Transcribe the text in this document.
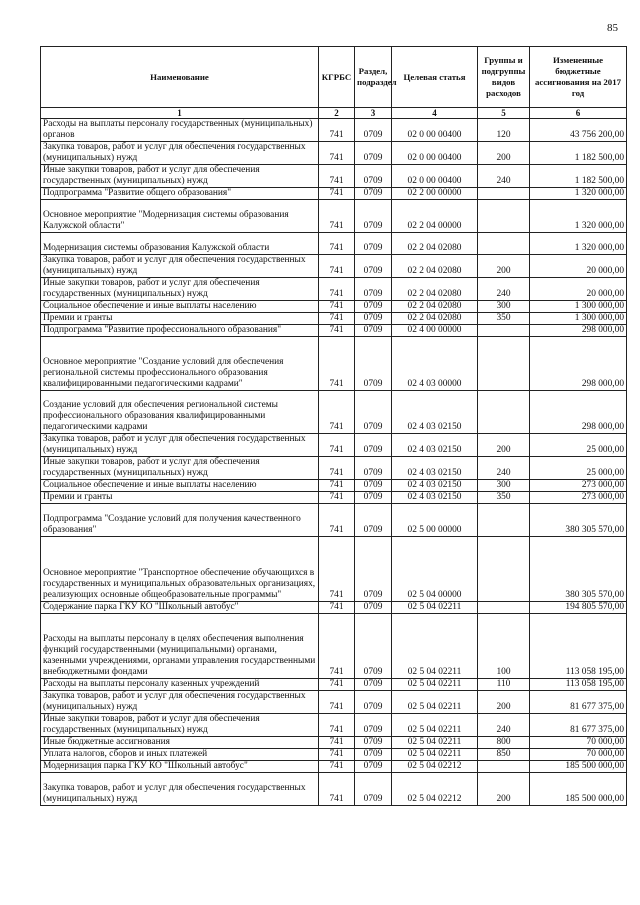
85
Наименование	КГРБС	Раздел, подраздел	Целевая статья	Группы и подгруппы видов расходов	Измененные бюджетные ассигнования на 2017 год
1	2	3	4	5	6
Расходы на выплаты персоналу государственных (муниципальных) органов	741	0709	02 0 00 00400	120	43 756 200,00
Закупка товаров, работ и услуг для обеспечения государственных (муниципальных) нужд	741	0709	02 0 00 00400	200	1 182 500,00
Иные закупки товаров, работ и услуг для обеспечения государственных (муниципальных) нужд	741	0709	02 0 00 00400	240	1 182 500,00
Подпрограмма "Развитие общего образования"	741	0709	02 2 00 00000		1 320 000,00
Основное мероприятие "Модернизация системы образования Калужской области"	741	0709	02 2 04 00000		1 320 000,00
Модернизация системы образования Калужской области	741	0709	02 2 04 02080		1 320 000,00
Закупка товаров, работ и услуг для обеспечения государственных (муниципальных) нужд	741	0709	02 2 04 02080	200	20 000,00
Иные закупки товаров, работ и услуг для обеспечения государственных (муниципальных) нужд	741	0709	02 2 04 02080	240	20 000,00
Социальное обеспечение и иные выплаты населению	741	0709	02 2 04 02080	300	1 300 000,00
Премии и гранты	741	0709	02 2 04 02080	350	1 300 000,00
Подпрограмма "Развитие профессионального образования"	741	0709	02 4 00 00000		298 000,00
Основное мероприятие "Создание условий для обеспечения региональной системы профессионального образования квалифицированными педагогическими кадрами"	741	0709	02 4 03 00000		298 000,00
Создание условий для обеспечения региональной системы профессионального образования квалифицированными педагогическими кадрами	741	0709	02 4 03 02150		298 000,00
Закупка товаров, работ и услуг для обеспечения государственных (муниципальных) нужд	741	0709	02 4 03 02150	200	25 000,00
Иные закупки товаров, работ и услуг для обеспечения государственных (муниципальных) нужд	741	0709	02 4 03 02150	240	25 000,00
Социальное обеспечение и иные выплаты населению	741	0709	02 4 03 02150	300	273 000,00
Премии и гранты	741	0709	02 4 03 02150	350	273 000,00
Подпрограмма "Создание условий для получения качественного образования"	741	0709	02 5 00 00000		380 305 570,00
Основное мероприятие "Транспортное обеспечение обучающихся в государственных и муниципальных образовательных организациях, реализующих основные общеобразовательные программы"	741	0709	02 5 04 00000		380 305 570,00
Содержание парка ГКУ КО "Школьный автобус"	741	0709	02 5 04 02211		194 805 570,00
Расходы на выплаты персоналу в целях обеспечения выполнения функций государственными (муниципальными) органами, казенными учреждениями, органами управления государственными внебюджетными фондами	741	0709	02 5 04 02211	100	113 058 195,00
Расходы на выплаты персоналу казенных учреждений	741	0709	02 5 04 02211	110	113 058 195,00
Закупка товаров, работ и услуг для обеспечения государственных (муниципальных) нужд	741	0709	02 5 04 02211	200	81 677 375,00
Иные закупки товаров, работ и услуг для обеспечения государственных (муниципальных) нужд	741	0709	02 5 04 02211	240	81 677 375,00
Иные бюджетные ассигнования	741	0709	02 5 04 02211	800	70 000,00
Уплата налогов, сборов и иных платежей	741	0709	02 5 04 02211	850	70 000,00
Модернизация парка ГКУ КО "Школьный автобус"	741	0709	02 5 04 02212		185 500 000,00
Закупка товаров, работ и услуг для обеспечения государственных (муниципальных) нужд	741	0709	02 5 04 02212	200	185 500 000,00
